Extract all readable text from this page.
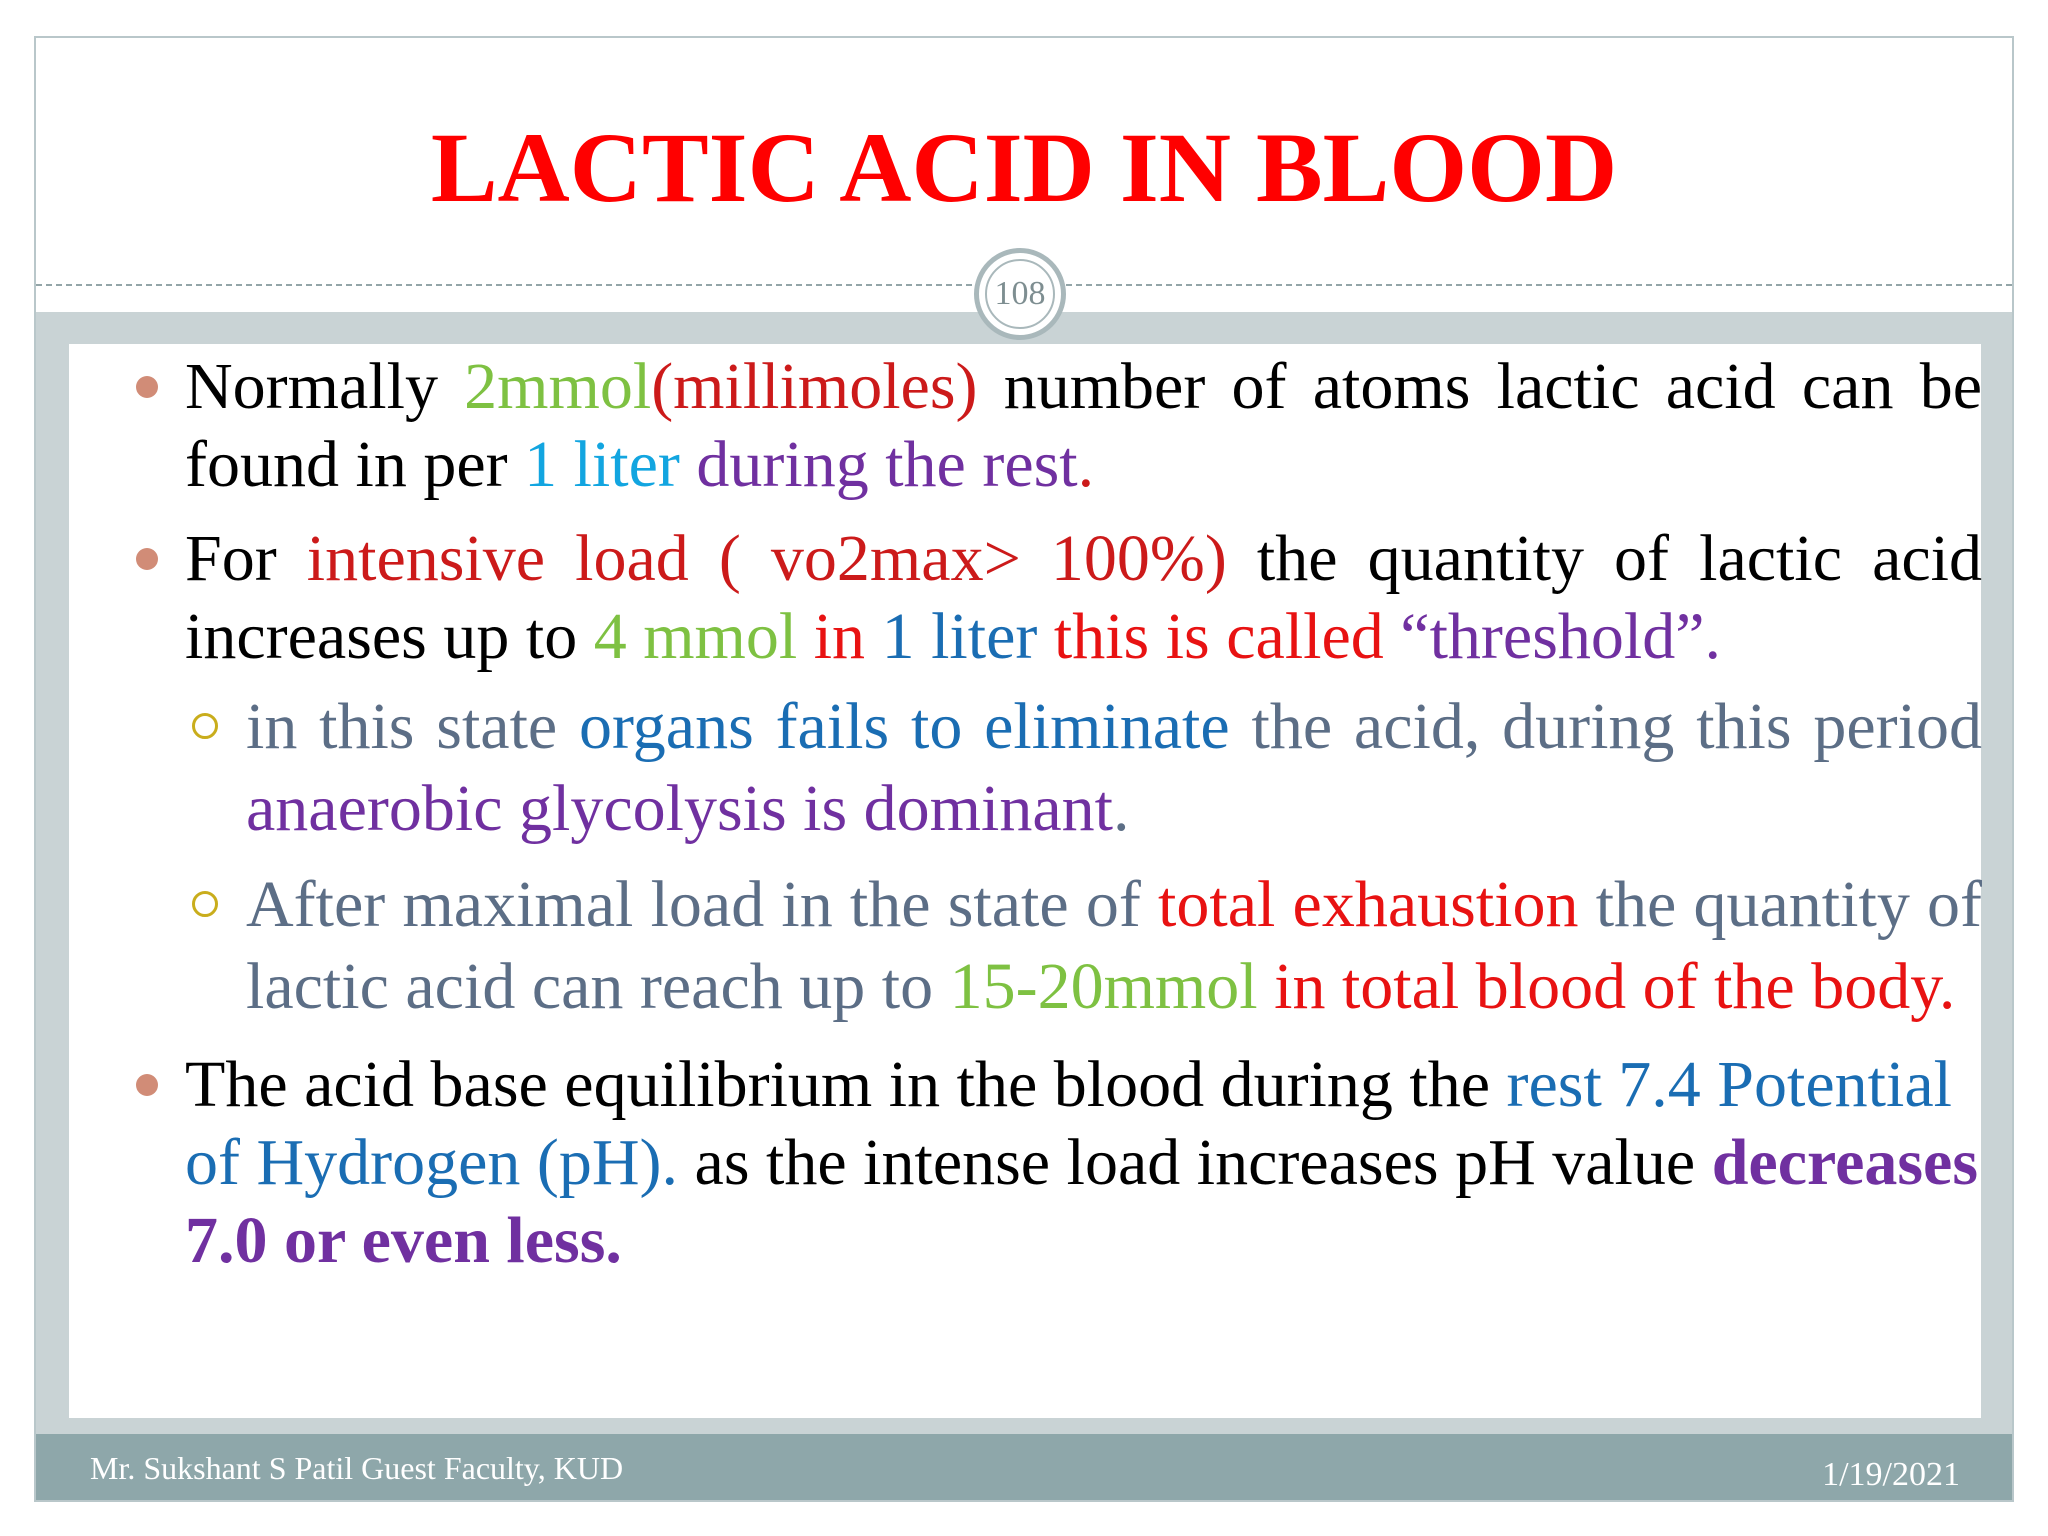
LACTIC ACID IN BLOOD
108

Normally 2mmol(millimoles) number of atoms lactic acid can be found in per 1 liter during the rest.

For intensive load ( vo2max> 100%) the quantity of lactic acid increases up to 4 mmol in 1 liter this is called “threshold”.

in this state organs fails to eliminate the acid, during this period anaerobic glycolysis is dominant.

After maximal load in the state of total exhaustion the quantity of lactic acid can reach up to 15-20mmol in total blood of the body.

The acid base equilibrium in the blood during the rest 7.4 Potential of Hydrogen (pH). as the intense load increases pH value decreases 7.0 or even less.

Mr. Sukshant S Patil Guest Faculty, KUD	1/19/2021
